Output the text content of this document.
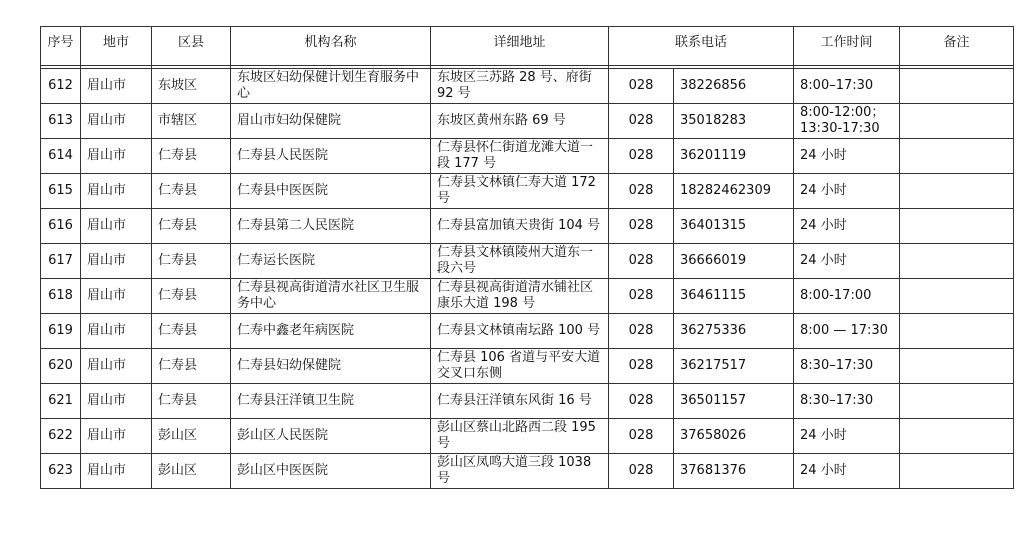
序号	地市	区县	机构名称	详细地址	联系电话		工作时间	备注

612	眉山市	东坡区	东坡区妇幼保健计划生育服务中心	东坡区三苏路 28 号、府街 92 号	028	38226856	8:00–17:30	
613	眉山市	市辖区	眉山市妇幼保健院	东坡区黄州东路 69 号	028	35018283	8:00-12:00；13:30-17:30	
614	眉山市	仁寿县	仁寿县人民医院	仁寿县怀仁街道龙滩大道一段 177 号	028	36201119	24 小时	
615	眉山市	仁寿县	仁寿县中医医院	仁寿县文林镇仁寿大道 172 号	028	18282462309	24 小时	
616	眉山市	仁寿县	仁寿县第二人民医院	仁寿县富加镇天贵街 104 号	028	36401315	24 小时	
617	眉山市	仁寿县	仁寿运长医院	仁寿县文林镇陵州大道东一段六号	028	36666019	24 小时	
618	眉山市	仁寿县	仁寿县视高街道清水社区卫生服务中心	仁寿县视高街道清水铺社区康乐大道 198 号	028	36461115	8:00-17:00	
619	眉山市	仁寿县	仁寿中鑫老年病医院	仁寿县文林镇南坛路 100 号	028	36275336	8:00 — 17:30	
620	眉山市	仁寿县	仁寿县妇幼保健院	仁寿县 106 省道与平安大道交叉口东侧	028	36217517	8:30–17:30	
621	眉山市	仁寿县	仁寿县汪洋镇卫生院	仁寿县汪洋镇东风街 16 号	028	36501157	8:30–17:30	
622	眉山市	彭山区	彭山区人民医院	彭山区蔡山北路西二段 195 号	028	37658026	24 小时	
623	眉山市	彭山区	彭山区中医医院	彭山区凤鸣大道三段 1038 号	028	37681376	24 小时	
